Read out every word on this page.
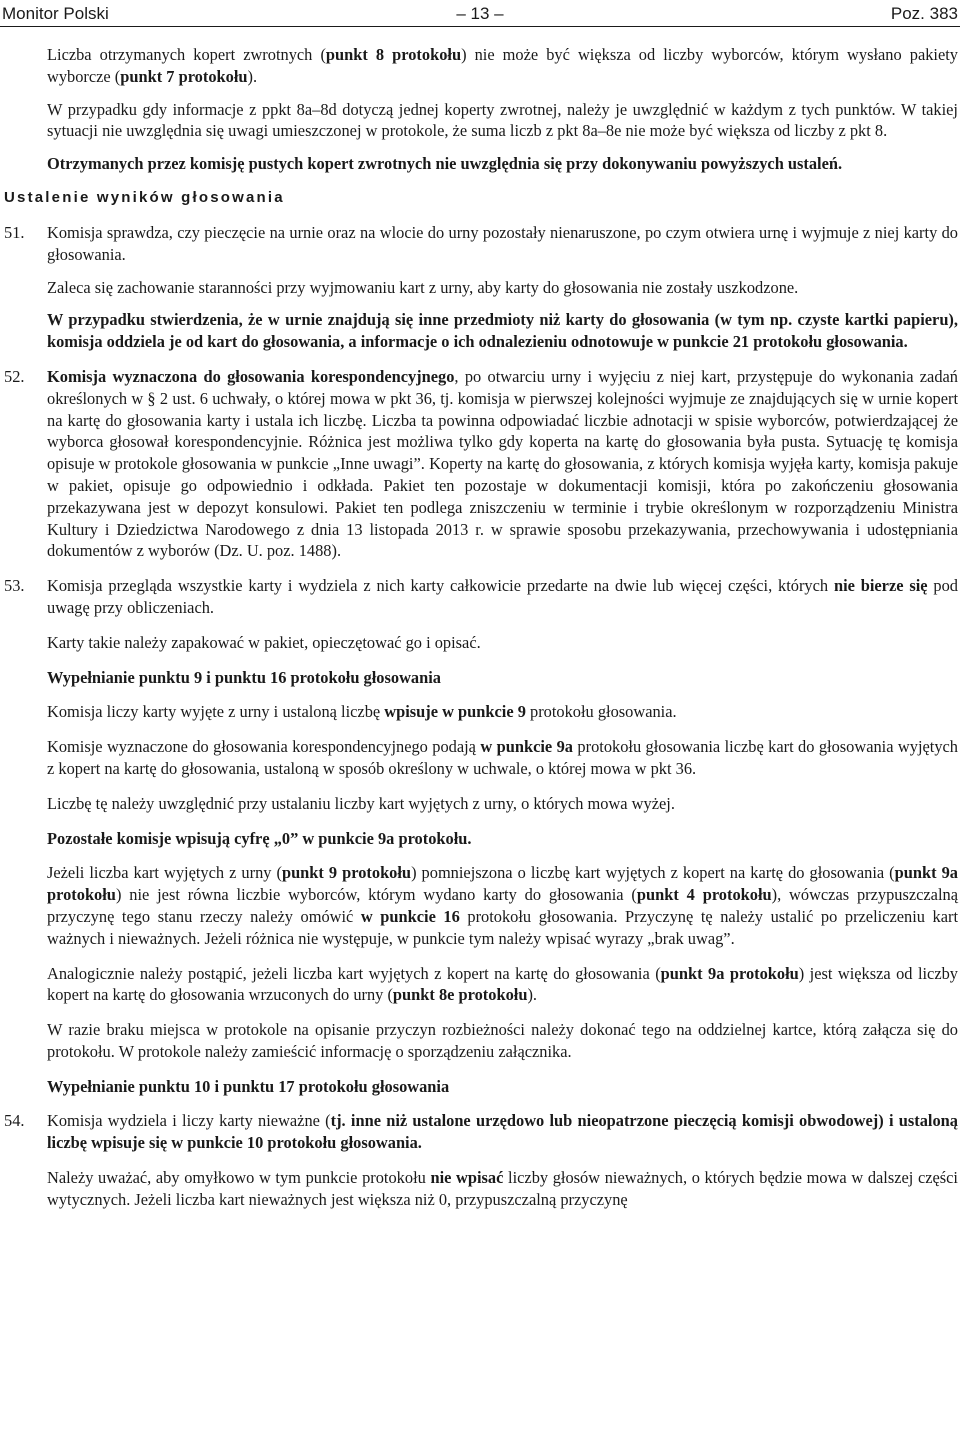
Monitor Polski	– 13 –	Poz. 383

Liczba otrzymanych kopert zwrotnych (punkt 8 protokołu) nie może być większa od liczby wyborców, którym wysłano pakiety wyborcze (punkt 7 protokołu).

W przypadku gdy informacje z ppkt 8a–8d dotyczą jednej koperty zwrotnej, należy je uwzględnić w każdym z tych punktów. W takiej sytuacji nie uwzględnia się uwagi umieszczonej w protokole, że suma liczb z pkt 8a–8e nie może być większa od liczby z pkt 8.

Otrzymanych przez komisję pustych kopert zwrotnych nie uwzględnia się przy dokonywaniu powyższych ustaleń.

Ustalenie wyników głosowania
51.	Komisja sprawdza, czy pieczęcie na urnie oraz na wlocie do urny pozostały nienaruszone, po czym otwiera urnę i wyjmuje z niej karty do głosowania.

Zaleca się zachowanie staranności przy wyjmowaniu kart z urny, aby karty do głosowania nie zostały uszkodzone.

W przypadku stwierdzenia, że w urnie znajdują się inne przedmioty niż karty do głosowania (w tym np. czyste kartki papieru), komisja oddziela je od kart do głosowania, a informacje o ich odnalezieniu odnotowuje w punkcie 21 protokołu głosowania.

52.	Komisja wyznaczona do głosowania korespondencyjnego, po otwarciu urny i wyjęciu z niej kart, przystępuje do wykonania zadań określonych w § 2 ust. 6 uchwały, o której mowa w pkt 36, tj. komisja w pierwszej kolejności wyjmuje ze znajdujących się w urnie kopert na kartę do głosowania karty i ustala ich liczbę. Liczba ta powinna odpowiadać liczbie adnotacji w spisie wyborców, potwierdzającej że wyborca głosował korespondencyjnie. Różnica jest możliwa tylko gdy koperta na kartę do głosowania była pusta. Sytuację tę komisja opisuje w protokole głosowania w punkcie „Inne uwagi”. Koperty na kartę do głosowania, z których komisja wyjęła karty, komisja pakuje w pakiet, opisuje go odpowiednio i odkłada. Pakiet ten pozostaje w dokumentacji komisji, która po zakończeniu głosowania przekazywana jest w depozyt konsulowi. Pakiet ten podlega zniszczeniu w terminie i trybie określonym w rozporządzeniu Ministra Kultury i Dziedzictwa Narodowego z dnia 13 listopada 2013 r. w sprawie sposobu przekazywania, przechowywania i udostępniania dokumentów z wyborów (Dz. U. poz. 1488).

53.	Komisja przegląda wszystkie karty i wydziela z nich karty całkowicie przedarte na dwie lub więcej części, których nie bierze się pod uwagę przy obliczeniach.

Karty takie należy zapakować w pakiet, opieczętować go i opisać.

Wypełnianie punktu 9 i punktu 16 protokołu głosowania

Komisja liczy karty wyjęte z urny i ustaloną liczbę wpisuje w punkcie 9 protokołu głosowania.

Komisje wyznaczone do głosowania korespondencyjnego podają w punkcie 9a protokołu głosowania liczbę kart do głosowania wyjętych z kopert na kartę do głosowania, ustaloną w sposób określony w uchwale, o której mowa w pkt 36.

Liczbę tę należy uwzględnić przy ustalaniu liczby kart wyjętych z urny, o których mowa wyżej.

Pozostałe komisje wpisują cyfrę „0” w punkcie 9a protokołu.

Jeżeli liczba kart wyjętych z urny (punkt 9 protokołu) pomniejszona o liczbę kart wyjętych z kopert na kartę do głosowania (punkt 9a protokołu) nie jest równa liczbie wyborców, którym wydano karty do głosowania (punkt 4 protokołu), wówczas przypuszczalną przyczynę tego stanu rzeczy należy omówić w punkcie 16 protokołu głosowania. Przyczynę tę należy ustalić po przeliczeniu kart ważnych i nieważnych. Jeżeli różnica nie występuje, w punkcie tym należy wpisać wyrazy „brak uwag”.

Analogicznie należy postąpić, jeżeli liczba kart wyjętych z kopert na kartę do głosowania (punkt 9a protokołu) jest większa od liczby kopert na kartę do głosowania wrzuconych do urny (punkt 8e protokołu).

W razie braku miejsca w protokole na opisanie przyczyn rozbieżności należy dokonać tego na oddzielnej kartce, którą załącza się do protokołu. W protokole należy zamieścić informację o sporządzeniu załącznika.

Wypełnianie punktu 10 i punktu 17 protokołu głosowania

54.	Komisja wydziela i liczy karty nieważne (tj. inne niż ustalone urzędowo lub nieopatrzone pieczęcią komisji obwodowej) i ustaloną liczbę wpisuje się w punkcie 10 protokołu głosowania.

Należy uważać, aby omyłkowo w tym punkcie protokołu nie wpisać liczby głosów nieważnych, o których będzie mowa w dalszej części wytycznych. Jeżeli liczba kart nieważnych jest większa niż 0, przypuszczalną przyczynę
